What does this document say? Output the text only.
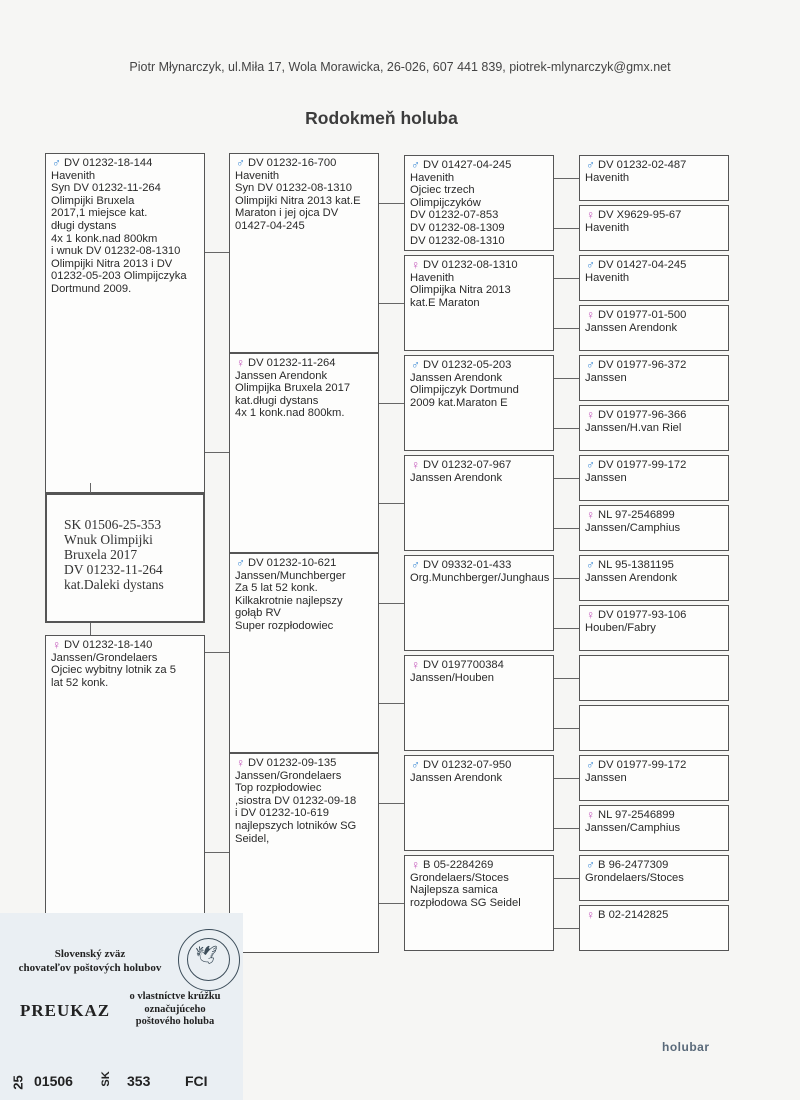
Piotr Młynarczyk, ul.Miła 17, Wola Morawicka, 26-026, 607 441 839, piotrek-mlynarczyk@gmx.net
Rodokmeň holuba
♂ DV 01232-18-144
Havenith
Syn DV 01232-11-264
Olimpijki Bruxela
2017,1 miejsce kat.
długi dystans
4x 1 konk.nad 800km
i wnuk DV 01232-08-1310
Olimpijki Nitra 2013 i DV
01232-05-203 Olimpijczyka
Dortmund 2009.
♀ DV 01232-18-140
Janssen/Grondelaers
Ojciec wybitny lotnik za 5
lat 52 konk.
♂ DV 01232-16-700
Havenith
Syn DV 01232-08-1310
Olimpijki Nitra 2013 kat.E
Maraton i jej ojca DV
01427-04-245
♀ DV 01232-11-264
Janssen Arendonk
Olimpijka Bruxela 2017
kat.długi dystans
4x 1 konk.nad 800km.
♂ DV 01232-10-621
Janssen/Munchberger
Za 5 lat 52 konk.
Kilkakrotnie najlepszy
gołąb RV
Super rozpłodowiec
♀ DV 01232-09-135
Janssen/Grondelaers
Top rozpłodowiec
,siostra DV 01232-09-18
i DV 01232-10-619
najlepszych lotników SG
Seidel,
♂ DV 01427-04-245
Havenith
Ojciec trzech
Olimpijczyków
DV 01232-07-853
DV 01232-08-1309
DV 01232-08-1310
♀ DV 01232-08-1310
Havenith
Olimpijka Nitra 2013
kat.E Maraton
♂ DV 01232-05-203
Janssen Arendonk
Olimpijczyk Dortmund
2009 kat.Maraton E
♀ DV 01232-07-967
Janssen Arendonk
♂ DV 09332-01-433
Org.Munchberger/Junghaus
♀ DV 0197700384
Janssen/Houben
♂ DV 01232-07-950
Janssen Arendonk
♀ B 05-2284269
Grondelaers/Stoces
Najlepsza samica
rozpłodowa SG Seidel
♂ DV 01232-02-487
Havenith
♀ DV X9629-95-67
Havenith
♂ DV 01427-04-245
Havenith
♀ DV 01977-01-500
Janssen Arendonk
♂ DV 01977-96-372
Janssen
♀ DV 01977-96-366
Janssen/H.van Riel
♂ DV 01977-99-172
Janssen
♀ NL 97-2546899
Janssen/Camphius
♂ NL 95-1381195
Janssen Arendonk
♀ DV 01977-93-106
Houben/Fabry
♂ DV 01977-99-172
Janssen
♀ NL 97-2546899
Janssen/Camphius
♂ B 96-2477309
Grondelaers/Stoces
♀ B 02-2142825
SK 01506-25-353
Wnuk Olimpijki
Bruxela 2017
DV 01232-11-264
kat.Daleki dystans
Slovenský zväz
chovateľov poštových holubov
🕊
PREUKAZ
o vlastníctve krúžku
označujúceho
poštového holuba
25 01506 SK 353 FCI
holubar
